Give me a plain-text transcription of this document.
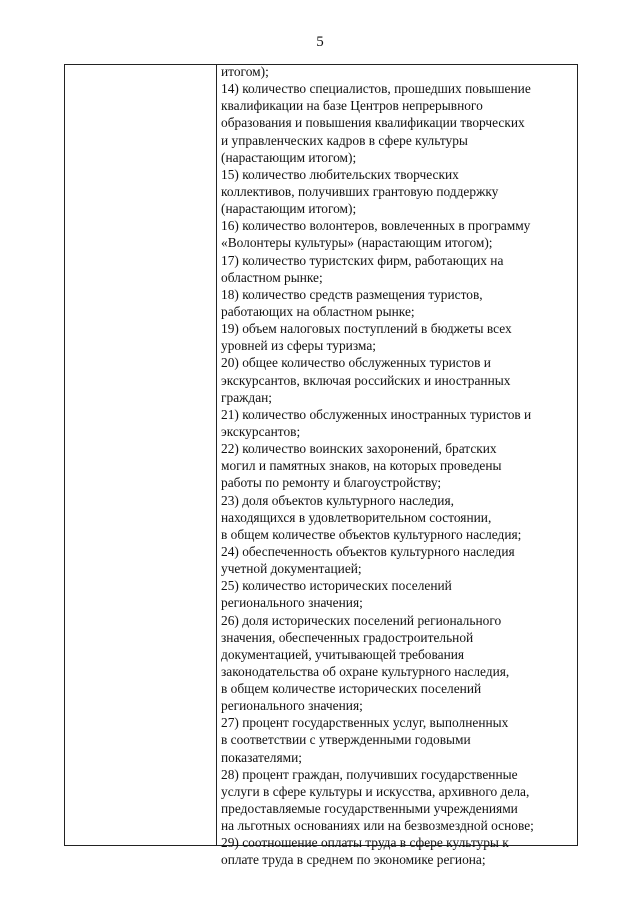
5
итогом);
14) количество специалистов, прошедших повышение
квалификации на базе Центров непрерывного
образования и повышения квалификации творческих
и управленческих кадров в сфере культуры
(нарастающим итогом);
15) количество любительских творческих
коллективов, получивших грантовую поддержку
(нарастающим итогом);
16) количество волонтеров, вовлеченных в программу
«Волонтеры культуры» (нарастающим итогом);
17) количество туристских фирм, работающих на
областном рынке;
18) количество средств размещения туристов,
работающих на областном рынке;
19) объем налоговых поступлений в бюджеты всех
уровней из сферы туризма;
20) общее количество обслуженных туристов и
экскурсантов, включая российских и иностранных
граждан;
21) количество обслуженных иностранных туристов и
экскурсантов;
22) количество воинских захоронений, братских
могил и памятных знаков, на которых проведены
работы по ремонту и благоустройству;
23) доля объектов культурного наследия,
находящихся в удовлетворительном состоянии,
в общем количестве объектов культурного наследия;
24) обеспеченность объектов культурного наследия
учетной документацией;
25) количество исторических поселений
регионального значения;
26) доля исторических поселений регионального
значения, обеспеченных градостроительной
документацией, учитывающей требования
законодательства об охране культурного наследия,
в общем количестве исторических поселений
регионального значения;
27) процент государственных услуг, выполненных
в соответствии с утвержденными годовыми
показателями;
28) процент граждан, получивших государственные
услуги в сфере культуры и искусства, архивного дела,
предоставляемые государственными учреждениями
на льготных основаниях или на безвозмездной основе;
29) соотношение оплаты труда в сфере культуры к
оплате труда в среднем по экономике региона;
